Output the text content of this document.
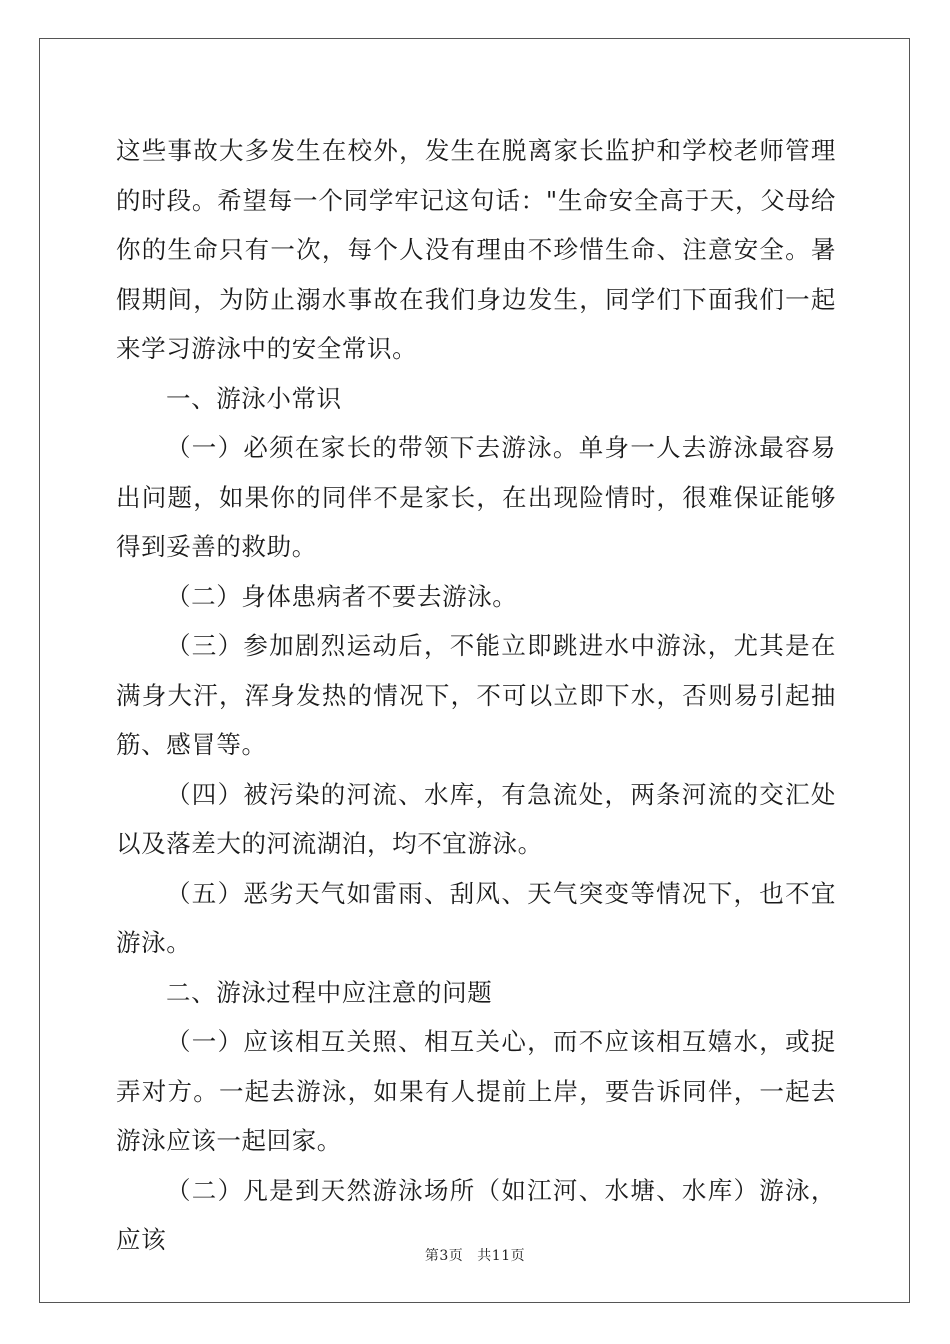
这些事故大多发生在校外，发生在脱离家长监护和学校老师管理的时段。希望每一个同学牢记这句话："生命安全高于天，父母给你的生命只有一次，每个人没有理由不珍惜生命、注意安全。暑假期间，为防止溺水事故在我们身边发生，同学们下面我们一起来学习游泳中的安全常识。

一、游泳小常识

（一）必须在家长的带领下去游泳。单身一人去游泳最容易出问题，如果你的同伴不是家长，在出现险情时，很难保证能够得到妥善的救助。

（二）身体患病者不要去游泳。

（三）参加剧烈运动后，不能立即跳进水中游泳，尤其是在满身大汗，浑身发热的情况下，不可以立即下水，否则易引起抽筋、感冒等。

（四）被污染的河流、水库，有急流处，两条河流的交汇处以及落差大的河流湖泊，均不宜游泳。

（五）恶劣天气如雷雨、刮风、天气突变等情况下，也不宜游泳。

二、游泳过程中应注意的问题

（一）应该相互关照、相互关心，而不应该相互嬉水，或捉弄对方。一起去游泳，如果有人提前上岸，要告诉同伴，一起去游泳应该一起回家。

（二）凡是到天然游泳场所（如江河、水塘、水库）游泳，应该

第3页 共11页
